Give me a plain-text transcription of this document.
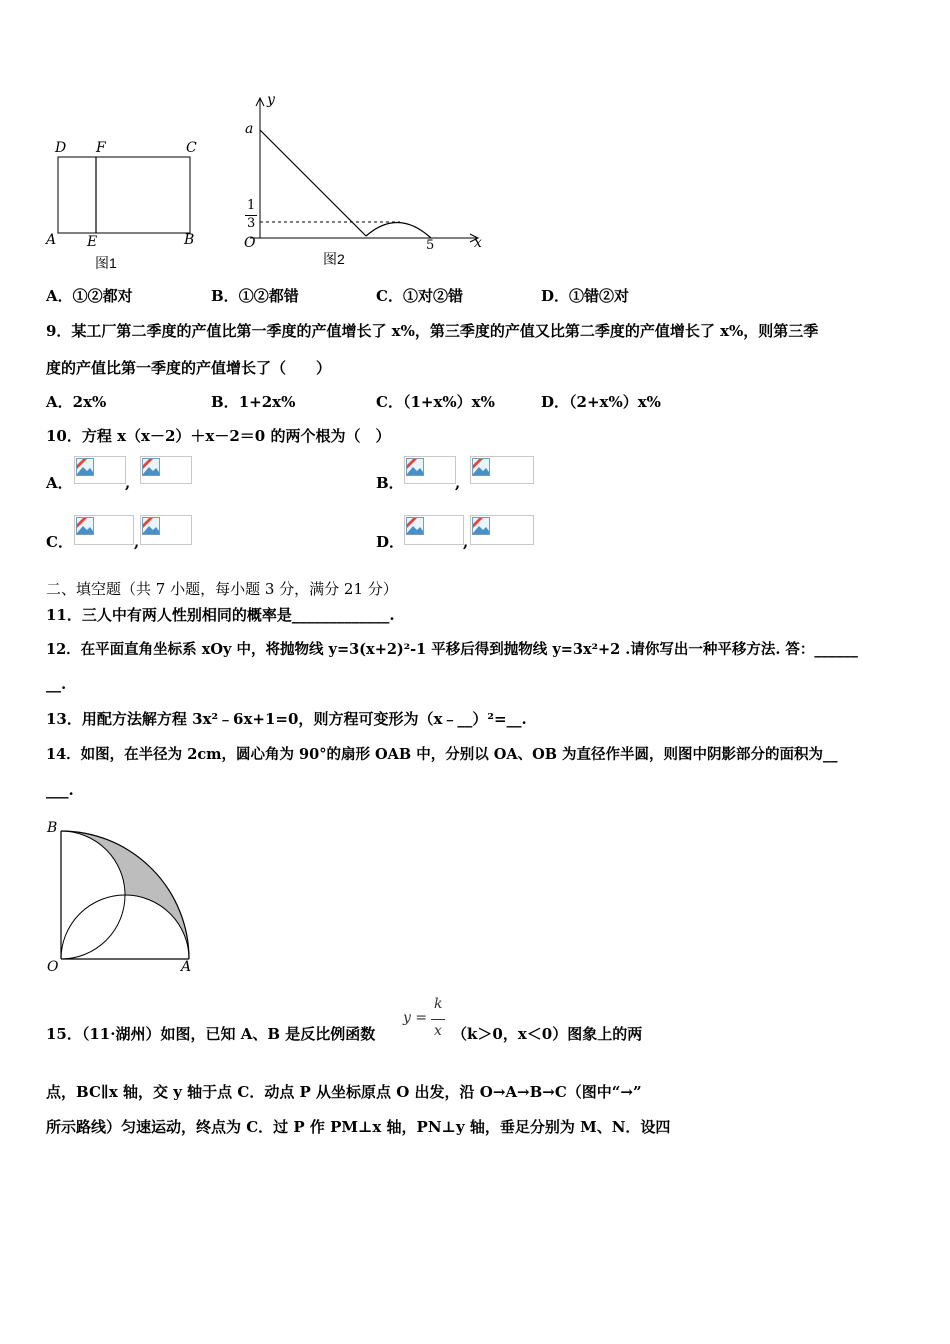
D F	C
A E	B
图1
y
a
1
3
O	5	x
图2
A．①②都对	B．①②都错	C．①对②错	D．①错②对
9．某工厂第二季度的产值比第一季度的产值增长了 x%，第三季度的产值又比第二季度的产值增长了 x%，则第三季
度的产值比第一季度的产值增长了（　　）
A．2x%	B．1+2x%	C．（1+x%）x%	D．（2+x%）x%
10．方程 x（x－2）＋x－2＝0 的两个根为（　）
A．	,	B．	,
C．	,	D．	,
二、填空题（共 7 小题，每小题 3 分，满分 21 分）
11．三人中有两人性别相同的概率是_____________.
12．在平面直角坐标系 xOy 中，将抛物线 y=3(x+2)²-1 平移后得到抛物线 y=3x²+2 .请你写出一种平移方法. 答：______
__.
13．用配方法解方程 3x²﹣6x+1=0，则方程可变形为（x﹣__）²=__.
14．如图，在半径为 2cm，圆心角为 90°的扇形 OAB 中，分别以 OA、OB 为直径作半圆，则图中阴影部分的面积为__
___.
B
O	A
15．（11·湖州）如图，已知 A、B 是反比例函数
y =
k
x （k＞0，x＜0）图象上的两
点，BC∥x 轴，交 y 轴于点 C．动点 P 从坐标原点 O 出发，沿 O→A→B→C（图中“→”
所示路线）匀速运动，终点为 C．过 P 作 PM⊥x 轴，PN⊥y 轴，垂足分别为 M、N．设四
